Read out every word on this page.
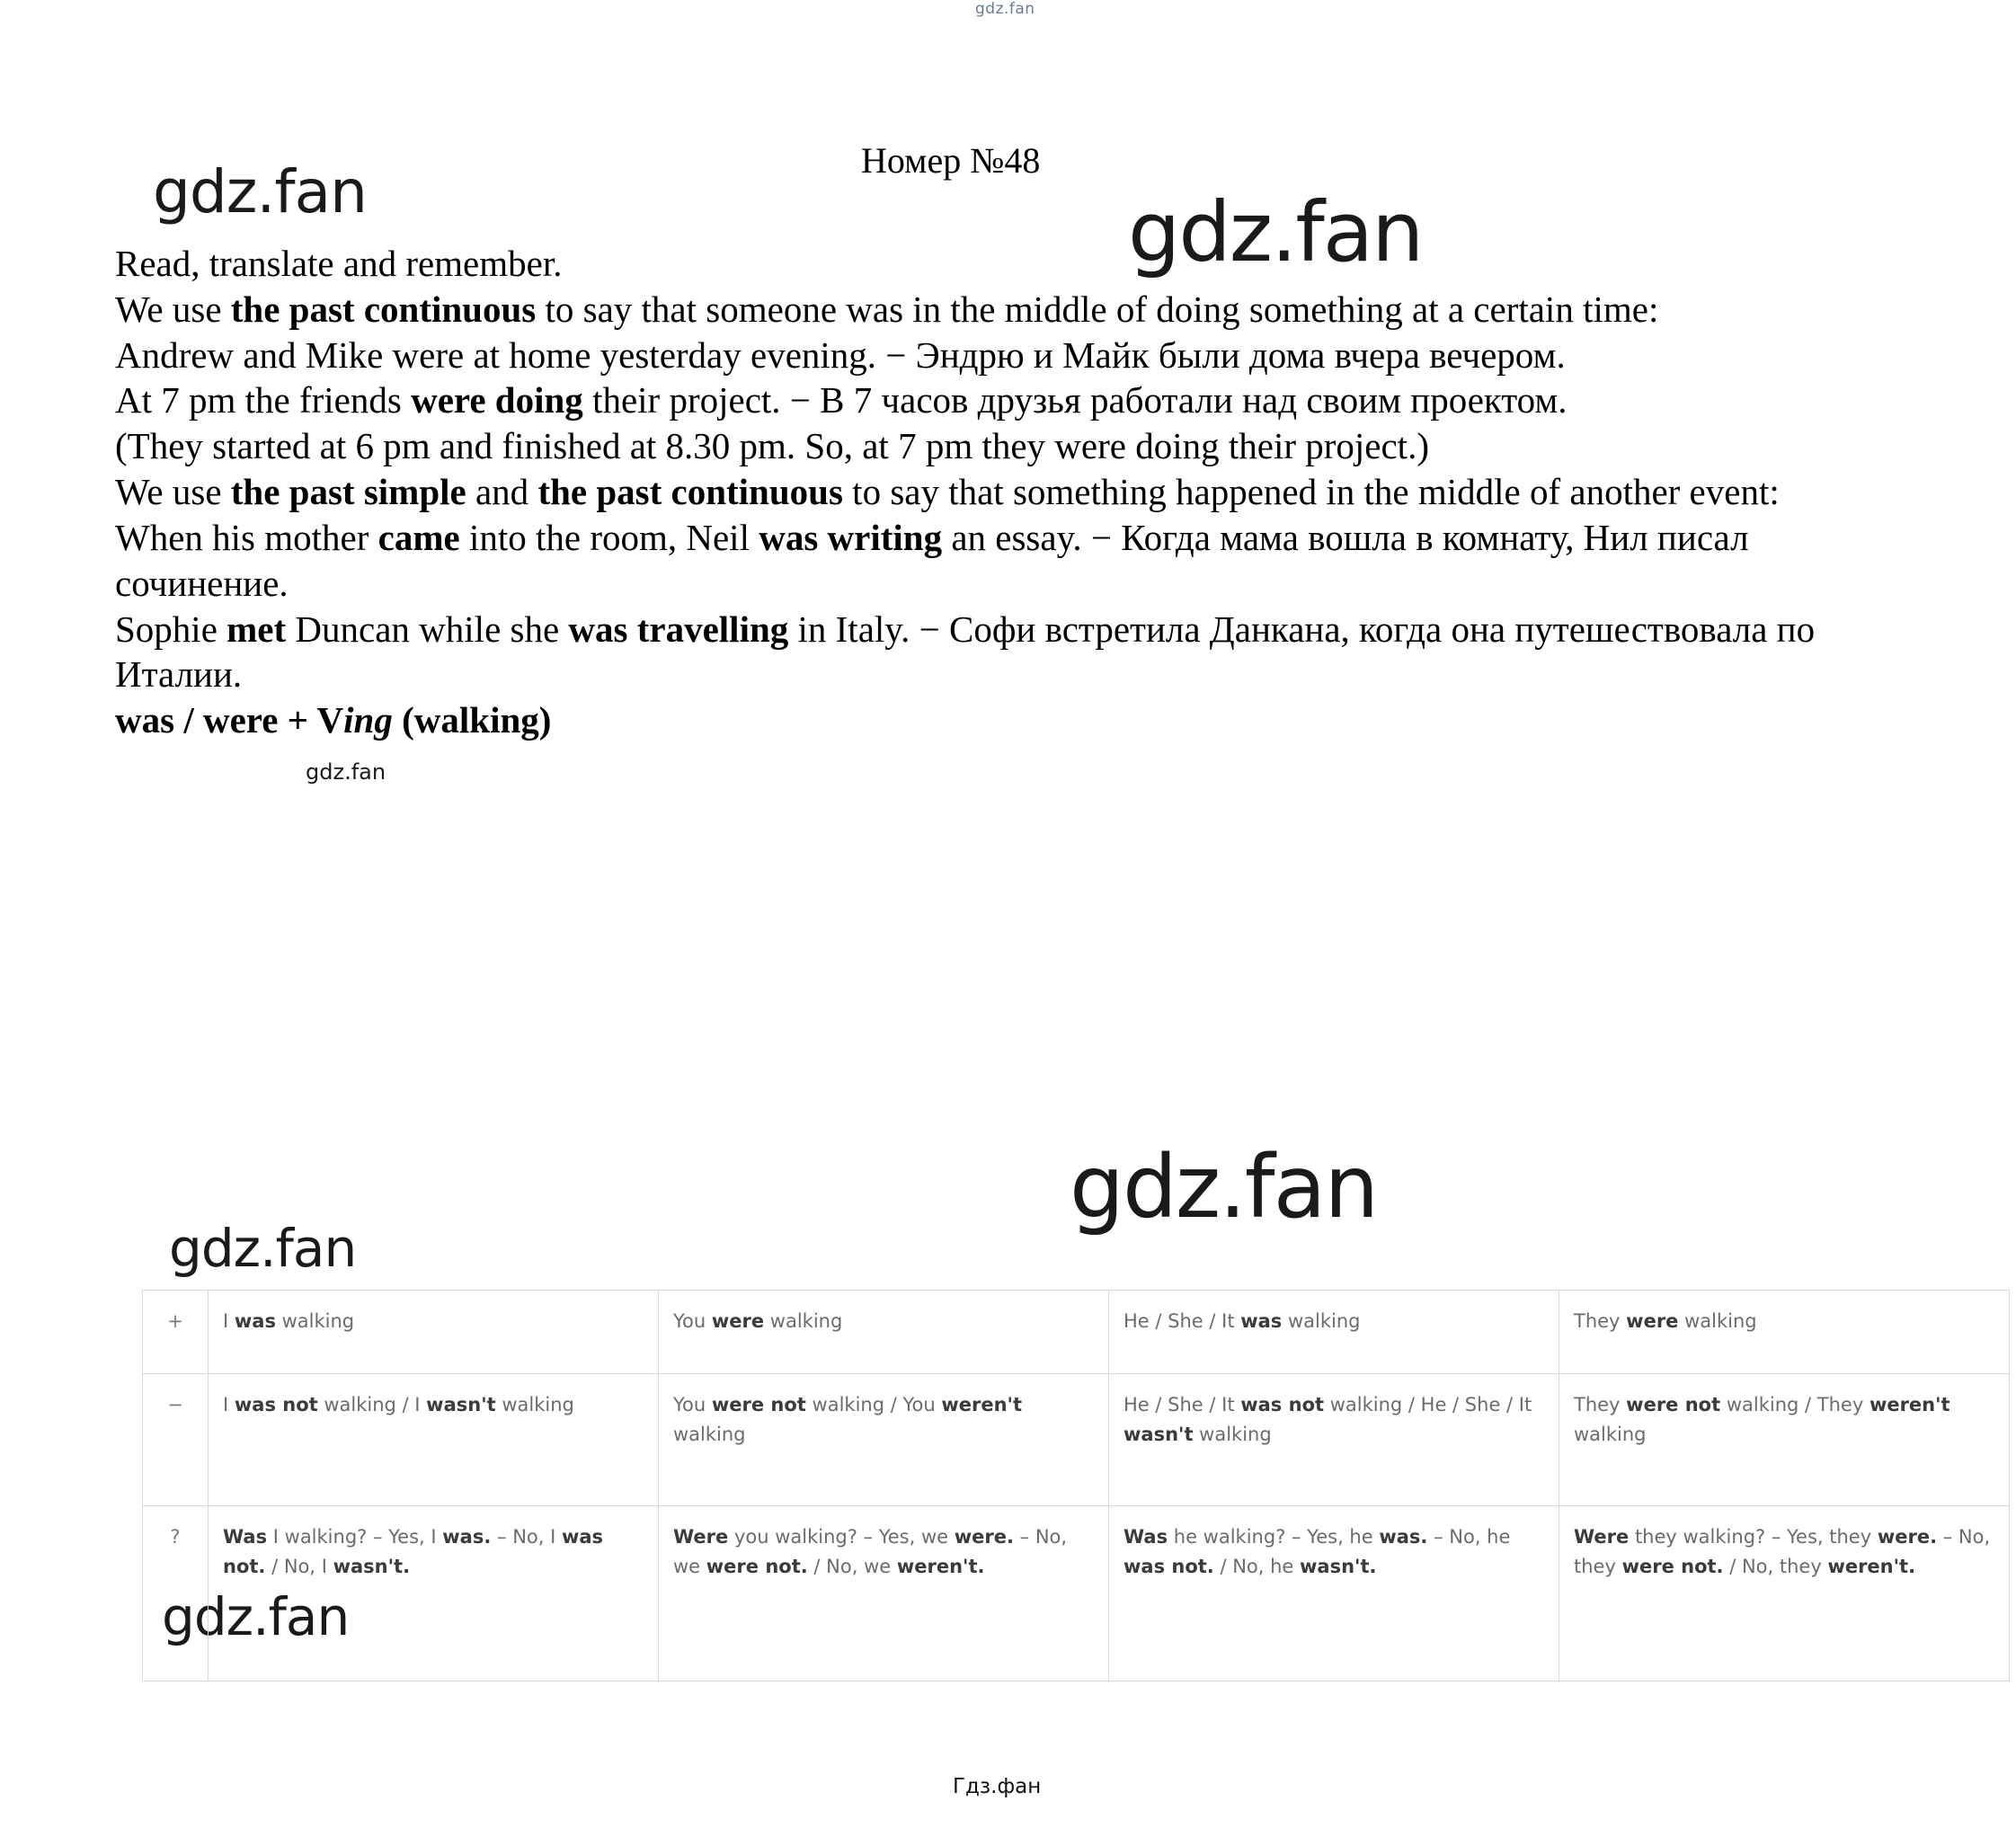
gdz.fan
gdz.fan	gdz.fan
gdz.fan
gdz.fan
gdz.fan
gdz.fan
Гдз.фан
Номер №48

Read, translate and remember.

We use the past continuous to say that someone was in the middle of doing something at a certain time:

Andrew and Mike were at home yesterday evening. − Эндрю и Майк были дома вчера вечером.

At 7 pm the friends were doing their project. − В 7 часов друзья работали над своим проектом.

(They started at 6 pm and finished at 8.30 pm. So, at 7 pm they were doing their project.)

We use the past simple and the past continuous to say that something happened in the middle of another event:

When his mother came into the room, Neil was writing an essay. − Когда мама вошла в комнату, Нил писал сочинение.

Sophie met Duncan while she was travelling in Italy. − Софи встретила Данкана, когда она путешествовала по Италии.

was / were + Ving (walking)

+	I was walking	You were walking	He / She / It was walking	They were walking
−	I was not walking / I wasn't walking	You were not walking / You weren't walking	He / She / It was not walking / He / She / It wasn't walking	They were not walking / They weren't walking
?	Was I walking? – Yes, I was. – No, I was not. / No, I wasn't.	Were you walking? – Yes, we were. – No, we were not. / No, we weren't.	Was he walking? – Yes, he was. – No, he was not. / No, he wasn't.	Were they walking? – Yes, they were. – No, they were not. / No, they weren't.
